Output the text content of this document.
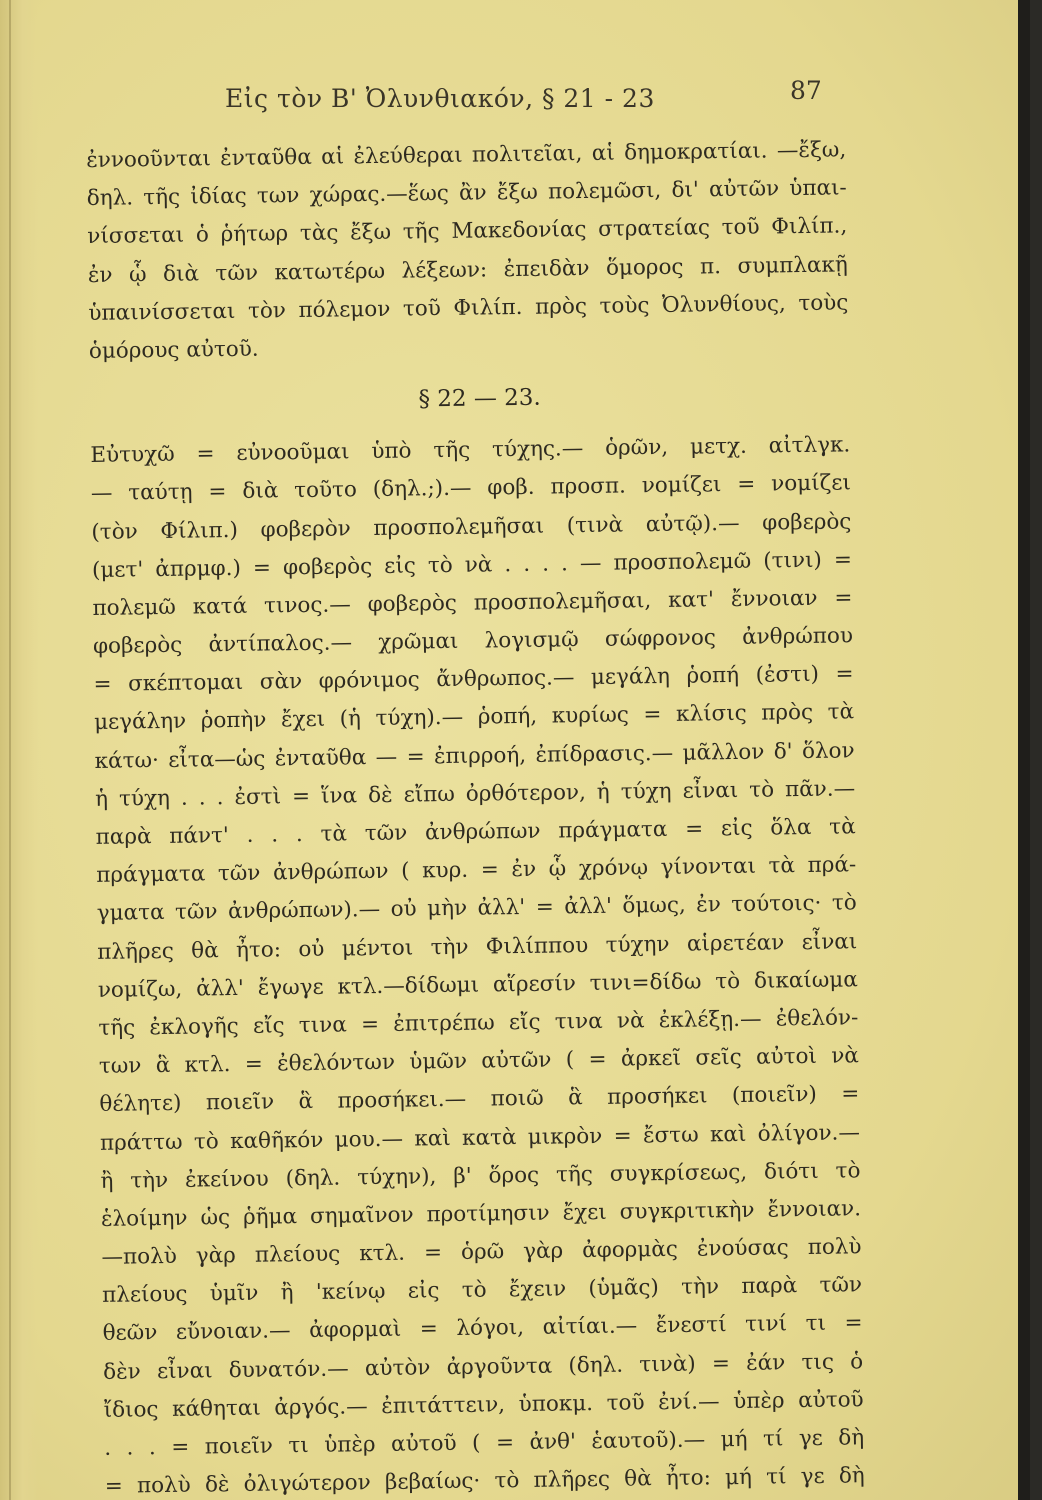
Εἰς τὸν Β' Ὀλυνθιακόν, § 21 - 23	87
ἐννοοῦνται ἐνταῦθα αἱ ἐλεύθεραι πολιτεῖαι, αἱ δημοκρατίαι. —ἔξω,
δηλ. τῆς ἰδίας των χώρας.—ἕως ἂν ἔξω πολεμῶσι, δι' αὐτῶν ὑπαι-
νίσσεται ὁ ῥήτωρ τὰς ἔξω τῆς Μακεδονίας στρατείας τοῦ Φιλίπ.,
ἐν ᾧ διὰ τῶν κατωτέρω λέξεων: ἐπειδὰν ὅμορος π. συμπλακῇ
ὑπαινίσσεται τὸν πόλεμον τοῦ Φιλίπ. πρὸς τοὺς Ὀλυνθίους, τοὺς
ὁμόρους αὐτοῦ.
§ 22 — 23.
Εὐτυχῶ = εὐνοοῦμαι ὑπὸ τῆς τύχης.— ὁρῶν, μετχ. αἰτλγκ.
— ταύτῃ = διὰ τοῦτο (δηλ.;).— φοβ. προσπ. νομίζει = νομίζει
(τὸν Φίλιπ.) φοβερὸν προσπολεμῆσαι (τινὰ αὐτῷ).— φοβερὸς
(μετ' ἀπρμφ.) = φοβερὸς εἰς τὸ νὰ . . . . — προσπολεμῶ (τινι) =
πολεμῶ κατά τινος.— φοβερὸς προσπολεμῆσαι, κατ' ἔννοιαν =
φοβερὸς ἀντίπαλος.— χρῶμαι λογισμῷ σώφρονος ἀνθρώπου
= σκέπτομαι σὰν φρόνιμος ἄνθρωπος.— μεγάλη ῥοπή (ἐστι) =
μεγάλην ῥοπὴν ἔχει (ἡ τύχη).— ῥοπή, κυρίως = κλίσις πρὸς τὰ
κάτω· εἶτα—ὡς ἐνταῦθα — = ἐπιρροή, ἐπίδρασις.— μᾶλλον δ' ὅλον
ἡ τύχη . . . ἐστὶ = ἵνα δὲ εἴπω ὀρθότερον, ἡ τύχη εἶναι τὸ πᾶν.—
παρὰ πάντ' . . . τὰ τῶν ἀνθρώπων πράγματα = εἰς ὅλα τὰ
πράγματα τῶν ἀνθρώπων ( κυρ. = ἐν ᾧ χρόνῳ γίνονται τὰ πρά-
γματα τῶν ἀνθρώπων).— οὐ μὴν ἀλλ' = ἀλλ' ὅμως, ἐν τούτοις· τὸ
πλῆρες θὰ ἦτο: οὐ μέντοι τὴν Φιλίππου τύχην αἱρετέαν εἶναι
νομίζω, ἀλλ' ἔγωγε κτλ.—δίδωμι αἵρεσίν τινι=δίδω τὸ δικαίωμα
τῆς ἐκλογῆς εἴς τινα = ἐπιτρέπω εἴς τινα νὰ ἐκλέξῃ.— ἐθελόν-
των ἃ κτλ. = ἐθελόντων ὑμῶν αὐτῶν ( = ἀρκεῖ σεῖς αὐτοὶ νὰ
θέλητε) ποιεῖν ἃ προσήκει.— ποιῶ ἃ προσήκει (ποιεῖν) =
πράττω τὸ καθῆκόν μου.— καὶ κατὰ μικρὸν = ἔστω καὶ ὀλίγον.—
ἢ τὴν ἐκείνου (δηλ. τύχην), β' ὅρος τῆς συγκρίσεως, διότι τὸ
ἑλοίμην ὡς ῥῆμα σημαῖνον προτίμησιν ἔχει συγκριτικὴν ἔννοιαν.
—πολὺ γὰρ πλείους κτλ. = ὁρῶ γὰρ ἀφορμὰς ἐνούσας πολὺ
πλείους ὑμῖν ἢ 'κείνῳ εἰς τὸ ἔχειν (ὑμᾶς) τὴν παρὰ τῶν
θεῶν εὔνοιαν.— ἀφορμαὶ = λόγοι, αἰτίαι.— ἔνεστί τινί τι =
δὲν εἶναι δυνατόν.— αὐτὸν ἀργοῦντα (δηλ. τινὰ) = ἐάν τις ὁ
ἴδιος κάθηται ἀργός.— ἐπιτάττειν, ὑποκμ. τοῦ ἐνί.— ὑπὲρ αὐτοῦ
. . . = ποιεῖν τι ὑπὲρ αὐτοῦ ( = ἀνθ' ἑαυτοῦ).— μή τί γε δὴ
= πολὺ δὲ ὀλιγώτερον βεβαίως· τὸ πλῆρες θὰ ἦτο: μή τί γε δὴ
